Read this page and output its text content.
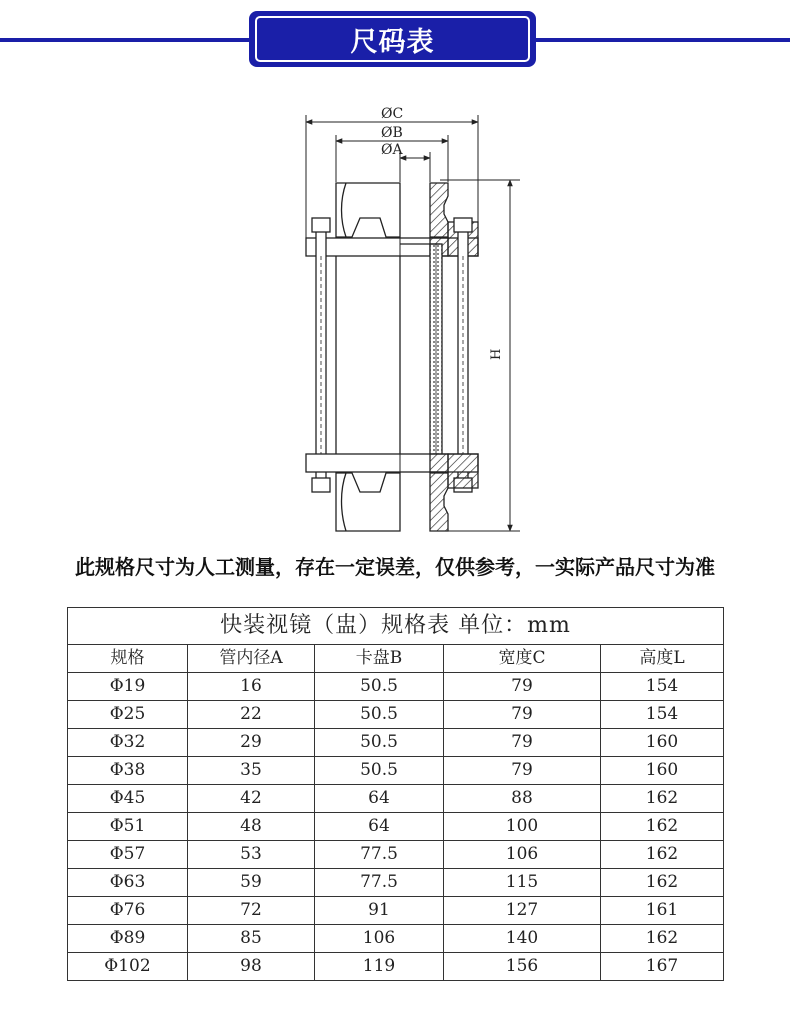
尺码表
ØC
ØB
ØA
H
此规格尺寸为人工测量，存在一定误差，仅供参考，一实际产品尺寸为准
快装视镜（盅）规格表 单位：mm				
规格	管内径A	卡盘B	宽度C	高度L
Φ19	16	50.5	79	154
Φ25	22	50.5	79	154
Φ32	29	50.5	79	160
Φ38	35	50.5	79	160
Φ45	42	64	88	162
Φ51	48	64	100	162
Φ57	53	77.5	106	162
Φ63	59	77.5	115	162
Φ76	72	91	127	161
Φ89	85	106	140	162
Φ102	98	119	156	167
